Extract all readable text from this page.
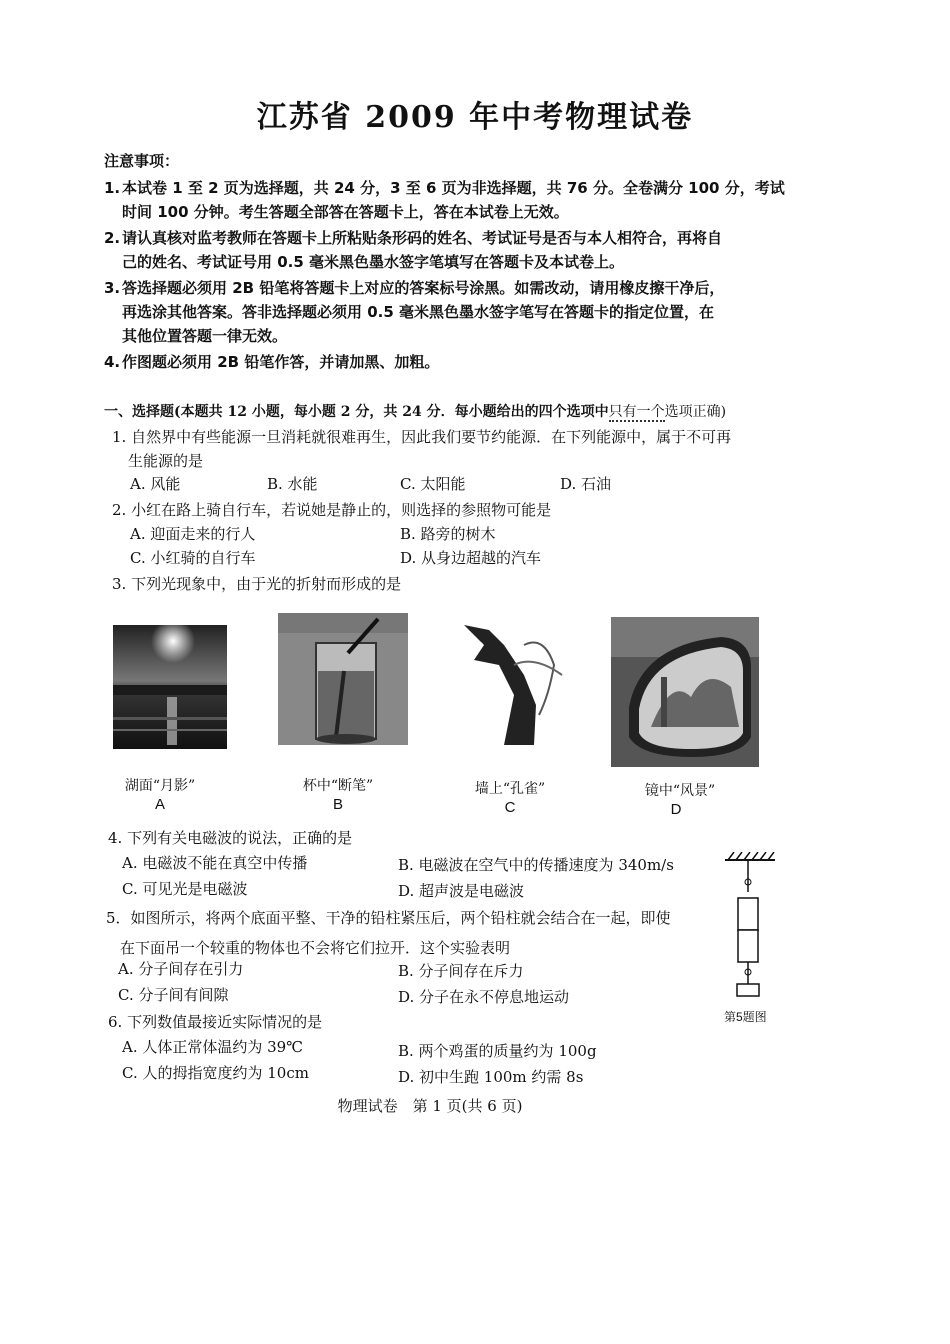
江苏省 2009 年中考物理试卷
注意事项：
1. 本试卷 1 至 2 页为选择题，共 24 分，3 至 6 页为非选择题，共 76 分。全卷满分 100 分，考试
时间 100 分钟。考生答题全部答在答题卡上，答在本试卷上无效。
2. 请认真核对监考教师在答题卡上所粘贴条形码的姓名、考试证号是否与本人相符合，再将自
己的姓名、考试证号用 0.5 毫米黑色墨水签字笔填写在答题卡及本试卷上。
3. 答选择题必须用 2B 铅笔将答题卡上对应的答案标号涂黑。如需改动，请用橡皮擦干净后，
再选涂其他答案。答非选择题必须用 0.5 毫米黑色墨水签字笔写在答题卡的指定位置，在
其他位置答题一律无效。
4. 作图题必须用 2B 铅笔作答，并请加黑、加粗。
一、选择题(本题共 12 小题，每小题 2 分，共 24 分．每小题给出的四个选项中只有一个选项正确)
1. 自然界中有些能源一旦消耗就很难再生，因此我们要节约能源．在下列能源中，属于不可再
生能源的是
A. 风能	B. 水能	C. 太阳能	D. 石油
2. 小红在路上骑自行车，若说她是静止的，则选择的参照物可能是
A. 迎面走来的行人	B. 路旁的树木
C. 小红骑的自行车	D. 从身边超越的汽车
3. 下列光现象中，由于光的折射而形成的是
湖面“月影”
A
杯中“断笔”
B
墙上“孔雀”
C
镜中“风景”
D
4. 下列有关电磁波的说法，正确的是
A. 电磁波不能在真空中传播	B. 电磁波在空气中的传播速度为 340m/s
C. 可见光是电磁波	D. 超声波是电磁波
5．如图所示，将两个底面平整、干净的铅柱紧压后，两个铅柱就会结合在一起，即使
在下面吊一个较重的物体也不会将它们拉开．这个实验表明
A. 分子间存在引力	B. 分子间存在斥力
C. 分子间有间隙	D. 分子在永不停息地运动
第5题图
6. 下列数值最接近实际情况的是
A. 人体正常体温约为 39℃	B. 两个鸡蛋的质量约为 100g
C. 人的拇指宽度约为 10cm	D. 初中生跑 100m 约需 8s
物理试卷　第 1 页(共 6 页)
